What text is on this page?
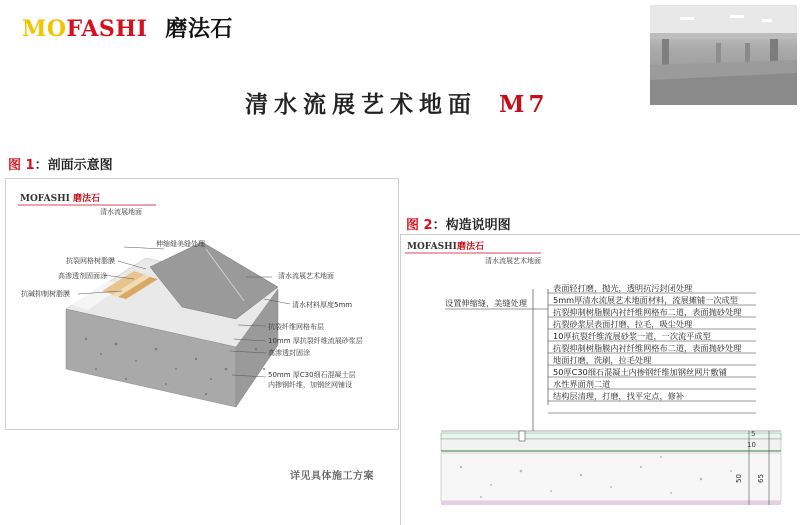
MOFASHI 磨法石
清水流展艺术地面 M7
图 1：剖面示意图
MOFASHI 磨法石
清水流展地面
伸缩缝美缝处理
抗裂网格树脂膜
高渗透剂固面涂
抗碱抑制树脂膜
清水流展艺术地面
清水材料厚度5mm
抗裂纤维网格布层
10mm 厚抗裂纤维流展砂浆层
高渗透封固涂
50mm 厚C30细石混凝土层
内掺钢纤维，加钢丝网铺设
详见具体施工方案
图 2：构造说明图
MOFASHI 磨法石
清水流展艺术地面
设置伸缩缝，美缝处理
表面轻打磨，抛光，透明抗污封闭处理
5mm厚清水流展艺术地面材料，流展摊铺一次成型
抗裂抑制树脂膜内衬纤维网格布二道，表面抛砂处理
抗裂砂浆层表面打磨，拉毛，吸尘处理
10厚抗裂纤维流展砂浆一道，一次流平成型
抗裂抑制树脂膜内衬纤维网格布二道，表面抛砂处理
地面打磨，洗刷，拉毛处理
50厚C30细石混凝土内掺钢纤维加钢丝网片敷铺
水性界面剂二道
结构层清理，打磨，找平定点，修补
5
10
50 65
